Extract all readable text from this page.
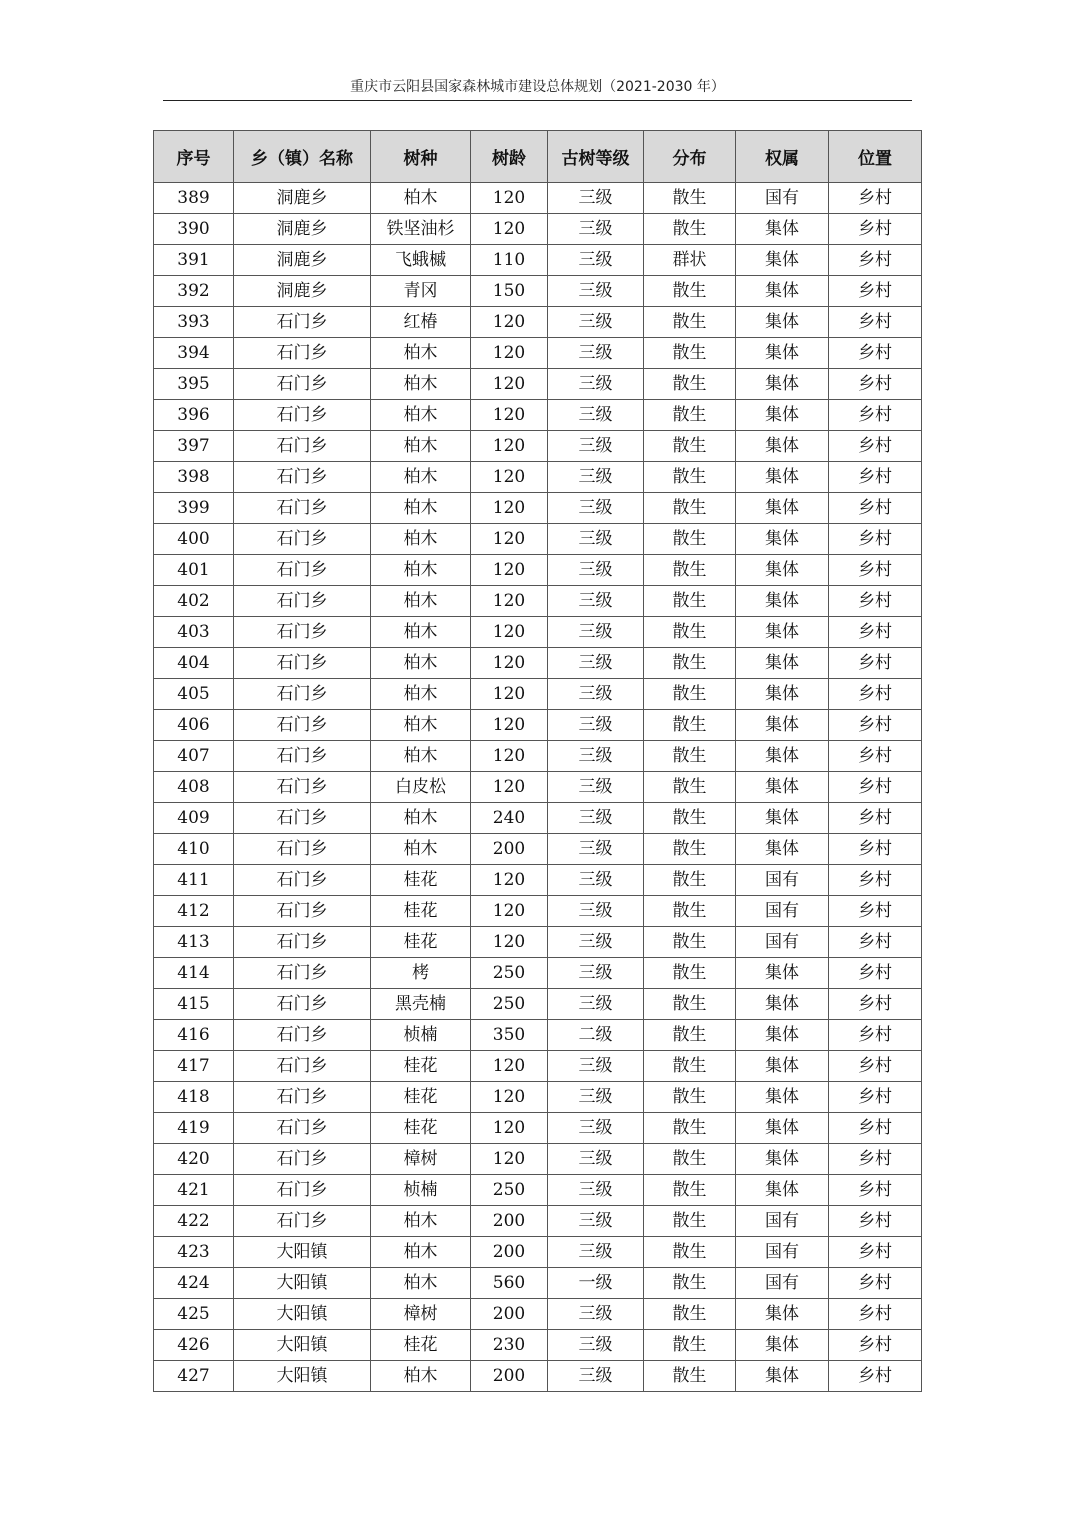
重庆市云阳县国家森林城市建设总体规划（2021-2030 年）
序号	乡（镇）名称	树种	树龄	古树等级	分布	权属	位置
389	洞鹿乡	柏木	120	三级	散生	国有	乡村
390	洞鹿乡	铁坚油杉	120	三级	散生	集体	乡村
391	洞鹿乡	飞蛾槭	110	三级	群状	集体	乡村
392	洞鹿乡	青冈	150	三级	散生	集体	乡村
393	石门乡	红椿	120	三级	散生	集体	乡村
394	石门乡	柏木	120	三级	散生	集体	乡村
395	石门乡	柏木	120	三级	散生	集体	乡村
396	石门乡	柏木	120	三级	散生	集体	乡村
397	石门乡	柏木	120	三级	散生	集体	乡村
398	石门乡	柏木	120	三级	散生	集体	乡村
399	石门乡	柏木	120	三级	散生	集体	乡村
400	石门乡	柏木	120	三级	散生	集体	乡村
401	石门乡	柏木	120	三级	散生	集体	乡村
402	石门乡	柏木	120	三级	散生	集体	乡村
403	石门乡	柏木	120	三级	散生	集体	乡村
404	石门乡	柏木	120	三级	散生	集体	乡村
405	石门乡	柏木	120	三级	散生	集体	乡村
406	石门乡	柏木	120	三级	散生	集体	乡村
407	石门乡	柏木	120	三级	散生	集体	乡村
408	石门乡	白皮松	120	三级	散生	集体	乡村
409	石门乡	柏木	240	三级	散生	集体	乡村
410	石门乡	柏木	200	三级	散生	集体	乡村
411	石门乡	桂花	120	三级	散生	国有	乡村
412	石门乡	桂花	120	三级	散生	国有	乡村
413	石门乡	桂花	120	三级	散生	国有	乡村
414	石门乡	栲	250	三级	散生	集体	乡村
415	石门乡	黑壳楠	250	三级	散生	集体	乡村
416	石门乡	桢楠	350	二级	散生	集体	乡村
417	石门乡	桂花	120	三级	散生	集体	乡村
418	石门乡	桂花	120	三级	散生	集体	乡村
419	石门乡	桂花	120	三级	散生	集体	乡村
420	石门乡	樟树	120	三级	散生	集体	乡村
421	石门乡	桢楠	250	三级	散生	集体	乡村
422	石门乡	柏木	200	三级	散生	国有	乡村
423	大阳镇	柏木	200	三级	散生	国有	乡村
424	大阳镇	柏木	560	一级	散生	国有	乡村
425	大阳镇	樟树	200	三级	散生	集体	乡村
426	大阳镇	桂花	230	三级	散生	集体	乡村
427	大阳镇	柏木	200	三级	散生	集体	乡村
